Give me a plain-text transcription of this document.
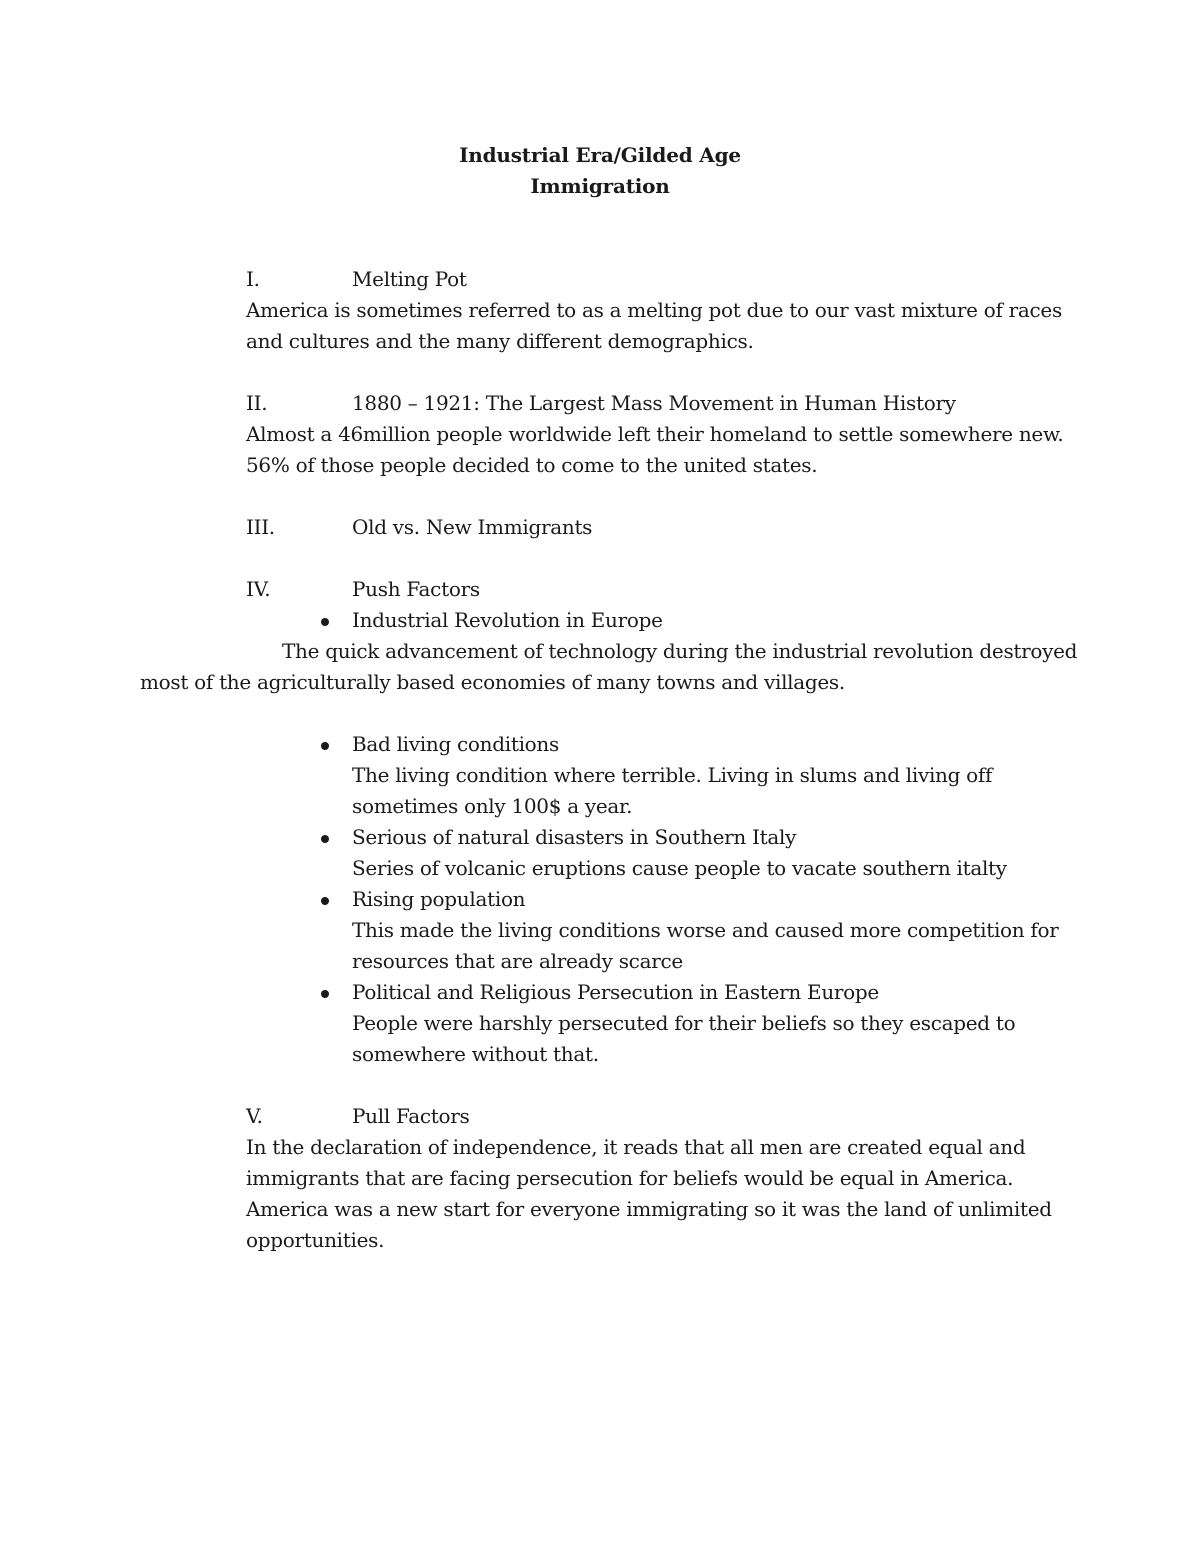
Industrial Era/Gilded Age
Immigration
I.	Melting Pot
America is sometimes referred to as a melting pot due to our vast mixture of races
and cultures and the many different demographics.
II.	1880 – 1921: The Largest Mass Movement in Human History
Almost a 46million people worldwide left their homeland to settle somewhere new.
56% of those people decided to come to the united states.
III.	Old vs. New Immigrants
IV.	Push Factors
Industrial Revolution in Europe
The quick advancement of technology during the industrial revolution destroyed
most of the agriculturally based economies of many towns and villages.
Bad living conditions
The living condition where terrible. Living in slums and living off
sometimes only 100$ a year.
Serious of natural disasters in Southern Italy
Series of volcanic eruptions cause people to vacate southern italty
Rising population
This made the living conditions worse and caused more competition for
resources that are already scarce
Political and Religious Persecution in Eastern Europe
People were harshly persecuted for their beliefs so they escaped to
somewhere without that.
V.	Pull Factors
In the declaration of independence, it reads that all men are created equal and
immigrants that are facing persecution for beliefs would be equal in America.
America was a new start for everyone immigrating so it was the land of unlimited
opportunities.
